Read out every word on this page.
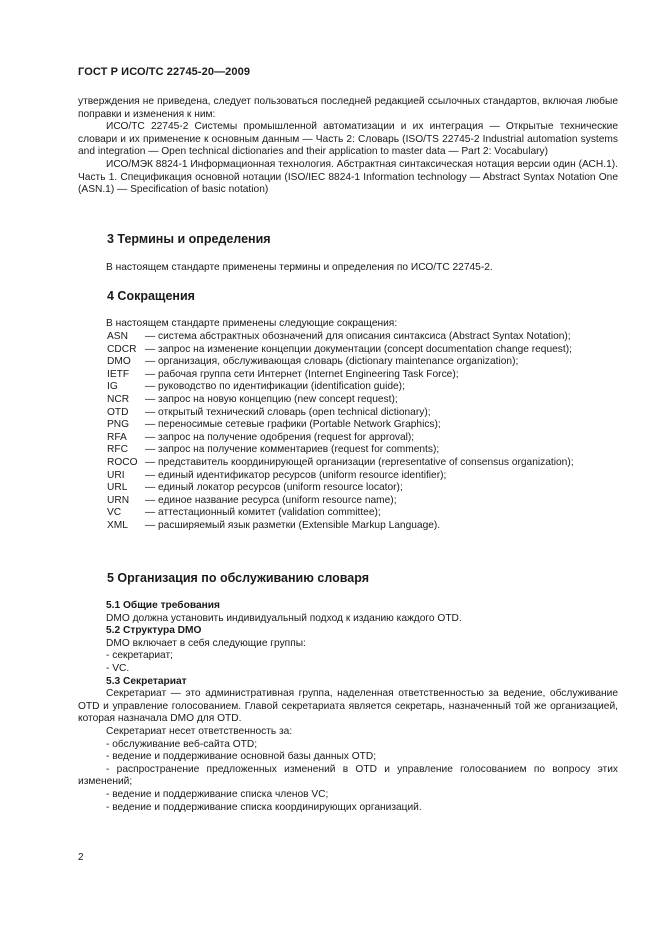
ГОСТ Р ИСО/ТС 22745-20—2009

утверждения не приведена, следует пользоваться последней редакцией ссылочных стандартов, включая любые поправки и изменения к ним:

ИСО/ТС 22745-2 Системы промышленной автоматизации и их интеграция — Открытые технические словари и их применение к основным данным — Часть 2: Словарь (ISO/TS 22745-2 Industrial automation systems and integration — Open technical dictionaries and their application to master data — Part 2: Vocabulary)

ИСО/МЭК 8824-1 Информационная технология. Абстрактная синтаксическая нотация версии один (АСН.1). Часть 1. Спецификация основной нотации (ISO/IEC 8824-1 Information technology — Abstract Syntax Notation One (ASN.1) — Specification of basic notation)

3 Термины и определения

В настоящем стандарте применены термины и определения по ИСО/ТС 22745-2.

4 Сокращения

В настоящем стандарте применены следующие сокращения:

ASN	— система абстрактных обозначений для описания синтаксиса (Abstract Syntax Notation);
CDCR — запрос на изменение концепции документации (concept documentation change request);
DMO	— организация, обслуживающая словарь (dictionary maintenance organization);
IETF	— рабочая группа сети Интернет (Internet Engineering Task Force);
IG	— руководство по идентификации (identification guide);
NCR	— запрос на новую концепцию (new concept request);
OTD	— открытый технический словарь (open technical dictionary);
PNG	— переносимые сетевые графики (Portable Network Graphics);
RFA	— запрос на получение одобрения (request for approval);
RFC	— запрос на получение комментариев (request for comments);
ROCO — представитель координирующей организации (representative of consensus organization);
URI	— единый идентификатор ресурсов (uniform resource identifier);
URL	— единый локатор ресурсов (uniform resource locator);
URN	— единое название ресурса (uniform resource name);
VC	— аттестационный комитет (validation committee);
XML	— расширяемый язык разметки (Extensible Markup Language).
5 Организация по обслуживанию словаря

5.1 Общие требования

DMO должна установить индивидуальный подход к изданию каждого OTD.

5.2 Структура DMO

DMO включает в себя следующие группы:

- секретариат;

- VC.

5.3 Секретариат

Секретариат — это административная группа, наделенная ответственностью за ведение, обслуживание OTD и управление голосованием. Главой секретариата является секретарь, назначенный той же организацией, которая назначала DMO для OTD.

Секретариат несет ответственность за:

- обслуживание веб-сайта OTD;

- ведение и поддерживание основной базы данных OTD;

- распространение предложенных изменений в OTD и управление голосованием по вопросу этих изменений;

- ведение и поддерживание списка членов VC;

- ведение и поддерживание списка координирующих организаций.

2
